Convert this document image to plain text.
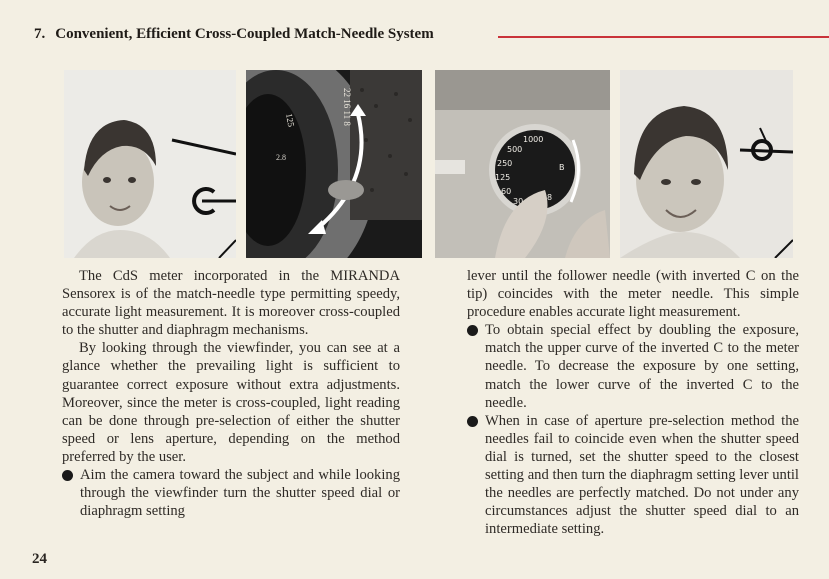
7. Convenient, Efficient Cross-Coupled Match-Needle System
22 16 11 8
125
2.8
1000
500
250
125
60
30	8
B

The CdS meter incorporated in the MIRANDA Sensorex is of the match-needle type permitting speedy, accurate light measurement. It is moreover cross-coupled to the shutter and diaphragm mechanisms.

By looking through the viewfinder, you can see at a glance whether the prevailing light is sufficient to guarantee correct exposure without extra adjustments. Moreover, since the meter is cross-coupled, light reading can be done through pre-selection of either the shutter speed or lens aperture, depending on the method preferred by the user.

Aim the camera toward the subject and while looking through the viewfinder turn the shutter speed dial or diaphragm setting

lever until the follower needle (with inverted C on the tip) coincides with the meter needle. This simple procedure enables accurate light measurement.

To obtain special effect by doubling the exposure, match the upper curve of the inverted C to the meter needle. To decrease the exposure by one setting, match the lower curve of the inverted C to the needle.

When in case of aperture pre-selection method the needles fail to coincide even when the shutter speed dial is turned, set the shutter speed to the closest setting and then turn the diaphragm setting lever until the needles are perfectly matched. Do not under any circumstances adjust the shutter speed dial to an intermediate setting.

24
